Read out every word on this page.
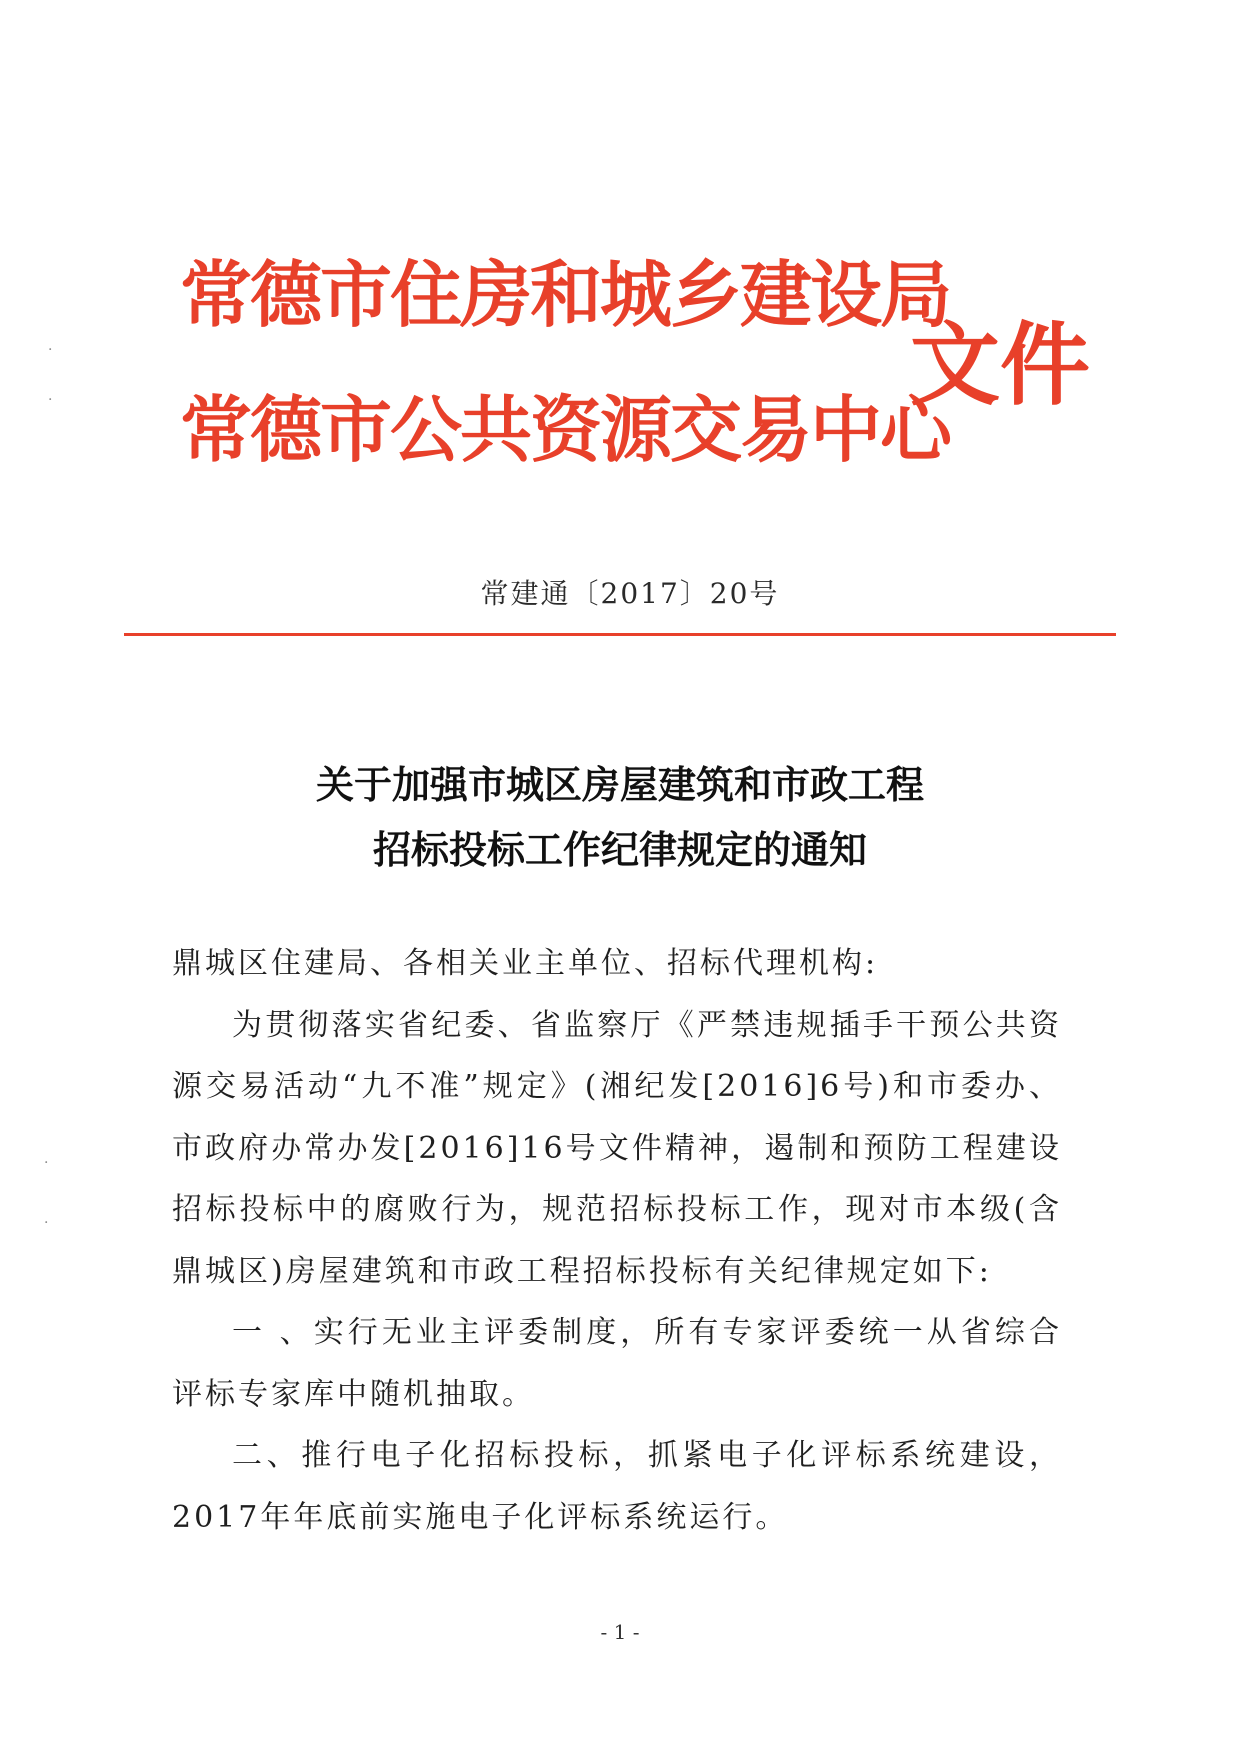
·
·
·
·
常德市住房和城乡建设局
常德市公共资源交易中心
文件
常建通〔2017〕20号
关于加强市城区房屋建筑和市政工程
招标投标工作纪律规定的通知

鼎城区住建局、各相关业主单位、招标代理机构:

为贯彻落实省纪委、省监察厅《严禁违规插手干预公共资源交易活动“九不准”规定》(湘纪发[2016]6号)和市委办、市政府办常办发[2016]16号文件精神，遏制和预防工程建设招标投标中的腐败行为，规范招标投标工作，现对市本级(含鼎城区)房屋建筑和市政工程招标投标有关纪律规定如下:

一 、实行无业主评委制度，所有专家评委统一从省综合评标专家库中随机抽取。

二、推行电子化招标投标，抓紧电子化评标系统建设，2017年年底前实施电子化评标系统运行。

- 1 -
